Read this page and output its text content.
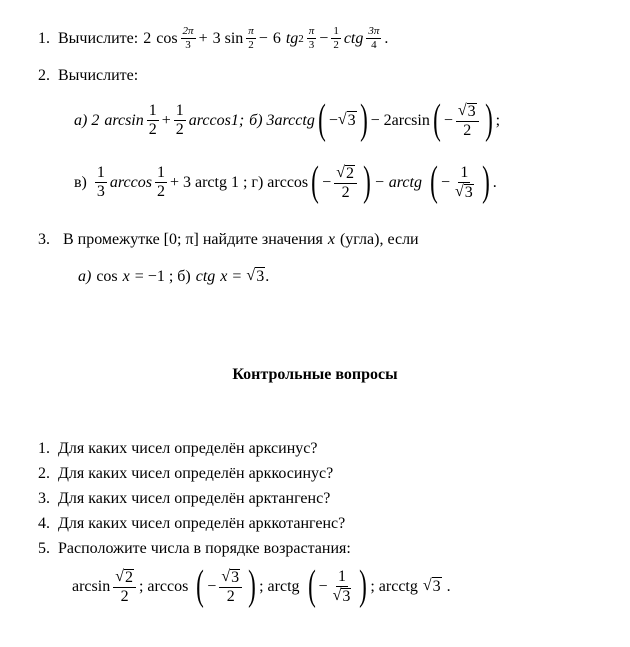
1. Вычислите: 2 $\cos \frac{2\pi}{3} + 3$ $\sin \frac{\pi}{2} - 6$ tg $2 \frac{\pi}{3} - \frac{1}{2}$ ctg $\frac{3\pi}{4}$ .
2. Вычислите:
а) 2 $\arcsin \frac{1}{2} + \frac{1}{2} \arccos 1$; б) 3 arcctg ( − √ 3 ) − 2arcsin ( − $\frac{√ 3}{2}$ ) ;
$в) \frac{1}{3}$ $\arccos \frac{1}{2} + 3$ arctg 1 ; г) arccos ( − $\frac{√ 2}{2}$ ) − arctg ( − $\frac{1}{√ 3}$ ) .
3. В промежутке [0; π] найдите значения x (угла), если
а) cos x = −1 ; б) ctg x = √ 3 .
Контрольные вопросы
1. Для каких чисел определён арксинус?
2. Для каких чисел определён арккосинус?
3. Для каких чисел определён арктангенс?
4. Для каких чисел определён арккотангенс?
5. Расположите числа в порядке возрастания:
$\arcsin \frac{√ 2}{2}$ ; arccos ( − $\frac{√ 3}{2}$ ) ; arctg ( − $\frac{1}{√ 3}$ ) ; arcctg √ 3 .
